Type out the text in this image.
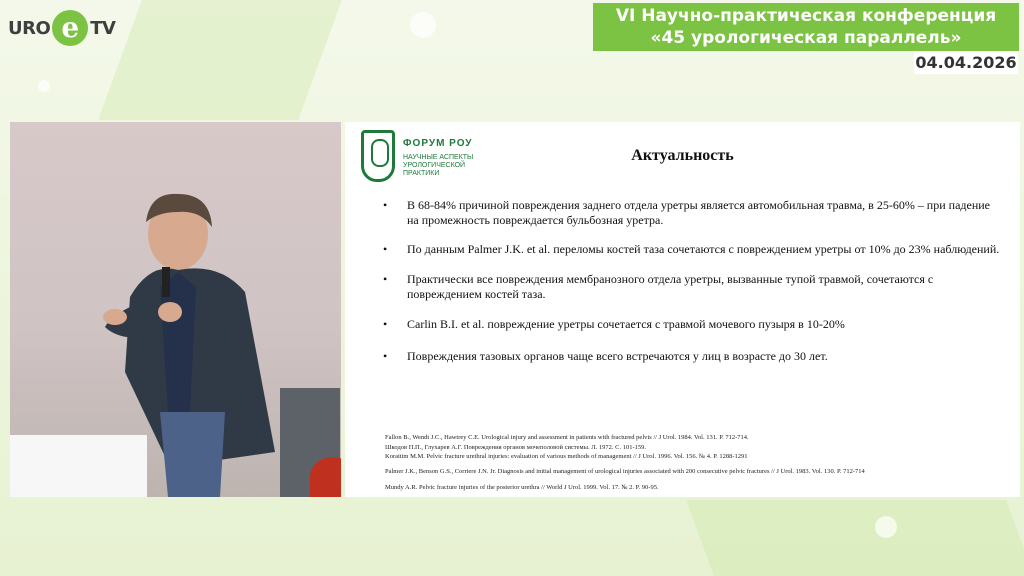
URO e TV
VI Научно-практическая конференция
«45 урологическая параллель»
04.04.2026
ФОРУМ РОУ
НАУЧНЫЕ АСПЕКТЫ УРОЛОГИЧЕСКОЙ ПРАКТИКИ
Актуальность
• В 68-84% причиной повреждения заднего отдела уретры является автомобильная травма, в 25-60% – при падение на промежность повреждается бульбозная уретра.
• По данным Palmer J.K. et al. переломы костей таза сочетаются с повреждением уретры от 10% до 23% наблюдений.
• Практически все повреждения мембранозного отдела уретры, вызванные тупой травмой, сочетаются с повреждением костей таза.
• Carlin B.I. et al. повреждение уретры сочетается с травмой мочевого пузыря в 10-20%
• Повреждения тазовых органов чаще всего встречаются у лиц в возрасте до 30 лет.
Fallon B., Wendt J.C., Hawtrey C.E. Urological injury and assessment in patients with fractured pelvis // J Urol. 1984. Vol. 131. P. 712-714.
Шкодов П.П., Глухарев А.Г. Повреждения органов мочеполовой системы. Л. 1972. С. 101-159.
Koraitim M.M. Pelvic fracture urethral injuries: evaluation of various methods of management // J Urol. 1996. Vol. 156. № 4. P. 1288-1291
Palmer J.K., Benson G.S., Corriere J.N. Jr. Diagnosis and initial management of urological injuries associated with 200 consecutive pelvic fractures // J Urol. 1983. Vol. 130. P. 712-714
Mundy A.R. Pelvic fracture injuries of the posterior urethra // World J Urol. 1999. Vol. 17. № 2. P. 90-95.
